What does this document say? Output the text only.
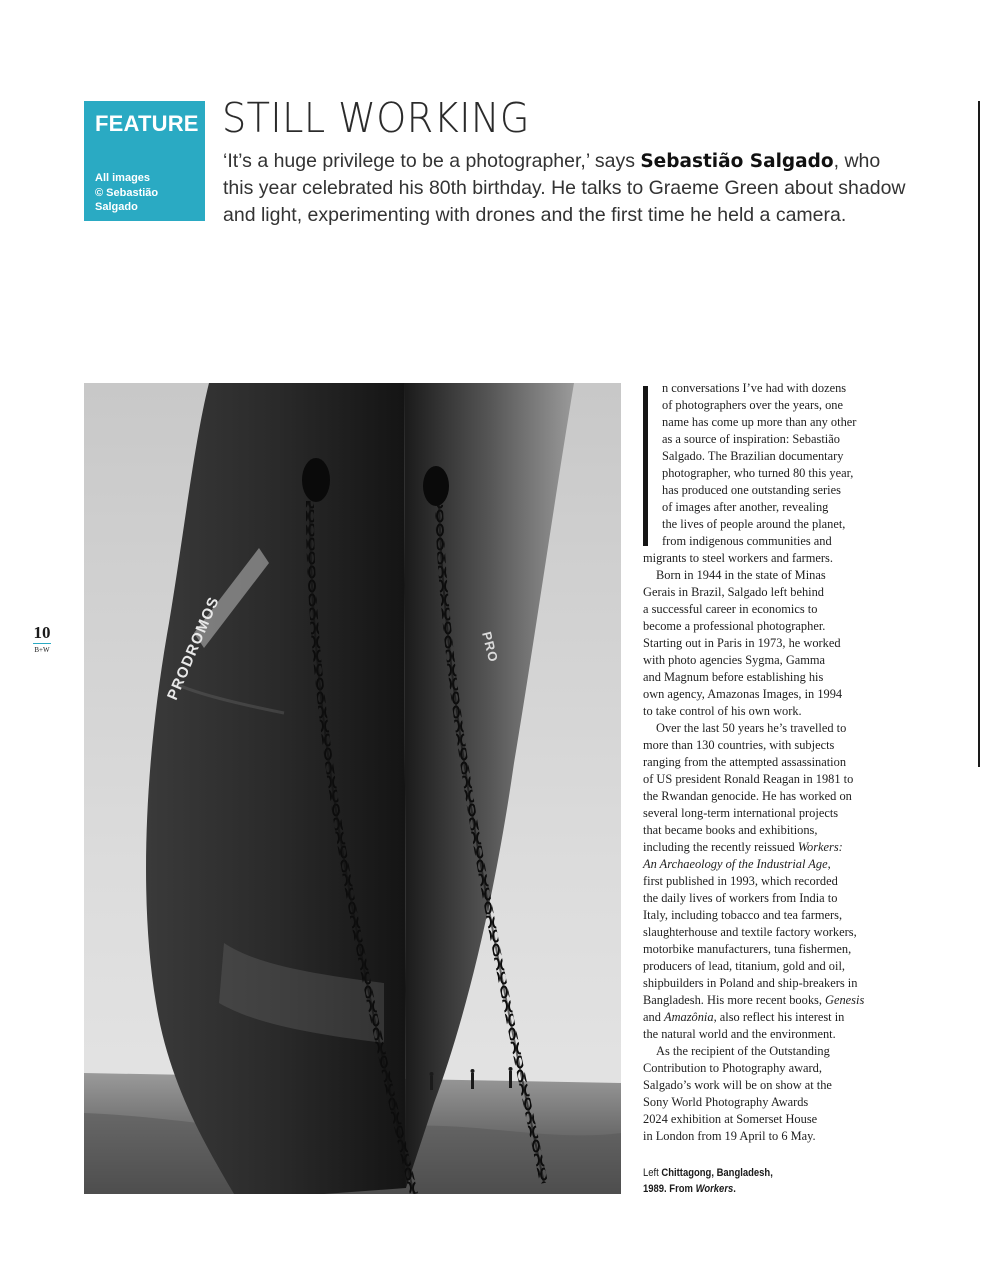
FEATURE
All images
© Sebastião
Salgado
STILL WORKING
‘It’s a huge privilege to be a photographer,’ says Sebastião Salgado, who this year celebrated his 80th birthday. He talks to Graeme Green about shadow and light, experimenting with drones and the first time he held a camera.
10
B+W	PRODROMOS	PRO

n conversations I’ve had with dozens
of photographers over the years, one
name has come up more than any other
as a source of inspiration: Sebastião
Salgado. The Brazilian documentary
photographer, who turned 80 this year,
has produced one outstanding series
of images after another, revealing
the lives of people around the planet,
from indigenous communities and
migrants to steel workers and farmers.

Born in 1944 in the state of Minas
Gerais in Brazil, Salgado left behind
a successful career in economics to
become a professional photographer.
Starting out in Paris in 1973, he worked
with photo agencies Sygma, Gamma
and Magnum before establishing his
own agency, Amazonas Images, in 1994
to take control of his own work.

Over the last 50 years he’s travelled to
more than 130 countries, with subjects
ranging from the attempted assassination
of US president Ronald Reagan in 1981 to
the Rwandan genocide. He has worked on
several long-term international projects
that became books and exhibitions,
including the recently reissued Workers:
An Archaeology of the Industrial Age,
first published in 1993, which recorded
the daily lives of workers from India to
Italy, including tobacco and tea farmers,
slaughterhouse and textile factory workers,
motorbike manufacturers, tuna fishermen,
producers of lead, titanium, gold and oil,
shipbuilders in Poland and ship-breakers in
Bangladesh. His more recent books, Genesis
and Amazônia, also reflect his interest in
the natural world and the environment.

As the recipient of the Outstanding
Contribution to Photography award,
Salgado’s work will be on show at the
Sony World Photography Awards
2024 exhibition at Somerset House
in London from 19 April to 6 May.

Left Chittagong, Bangladesh,
1989. From Workers.
